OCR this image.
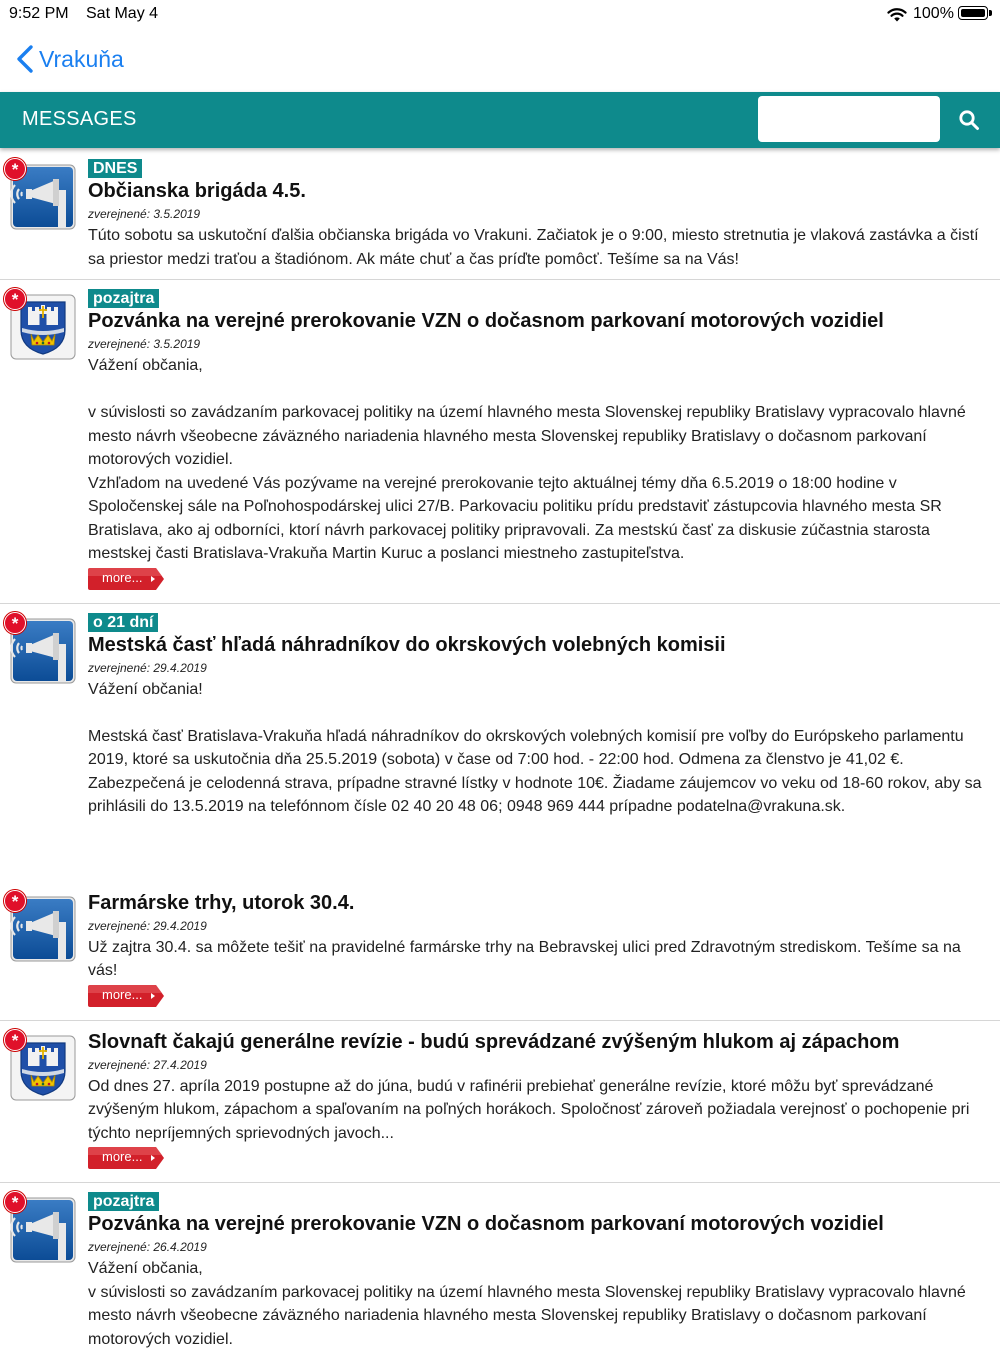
9:52 PM Sat May 4	100%
Vrakuňa
MESSAGES
*	DNES
Občianska brigáda 4.5.
zverejnené: 3.5.2019
Túto sobotu sa uskutoční ďalšia občianska brigáda vo Vrakuni. Začiatok je o 9:00, miesto stretnutia je vlaková zastávka a čistí sa priestor medzi traťou a štadiónom. Ak máte chuť a čas príďte pomôcť. Tešíme sa na Vás!
*	pozajtra
Pozvánka na verejné prerokovanie VZN o dočasnom parkovaní motorových vozidiel
zverejnené: 3.5.2019
Vážení občania,

v súvislosti so zavádzaním parkovacej politiky na území hlavného mesta Slovenskej republiky Bratislavy vypracovalo hlavné mesto návrh všeobecne záväzného nariadenia hlavného mesta Slovenskej republiky Bratislavy o dočasnom parkovaní motorových vozidiel.
Vzhľadom na uvedené Vás pozývame na verejné prerokovanie tejto aktuálnej témy dňa 6.5.2019 o 18:00 hodine v Spoločenskej sále na Poľnohospodárskej ulici 27/B. Parkovaciu politiku prídu predstaviť zástupcovia hlavného mesta SR Bratislava, ako aj odborníci, ktorí návrh parkovacej politiky pripravovali. Za mestskú časť za diskusie zúčastnia starosta mestskej časti Bratislava-Vrakuňa Martin Kuruc a poslanci miestneho zastupiteľstva.
more...
*	o 21 dní
Mestská časť hľadá náhradníkov do okrskových volebných komisii
zverejnené: 29.4.2019
Vážení občania!

Mestská časť Bratislava-Vrakuňa hľadá náhradníkov do okrskových volebných komisií pre voľby do Európskeho parlamentu 2019, ktoré sa uskutočnia dňa 25.5.2019 (sobota) v čase od 7:00 hod. - 22:00 hod. Odmena za členstvo je 41,02 €. Zabezpečená je celodenná strava, prípadne stravné lístky v hodnote 10€. Žiadame záujemcov vo veku od 18-60 rokov, aby sa prihlásili do 13.5.2019 na telefónnom čísle 02 40 20 48 06; 0948 969 444 prípadne podatelna@vrakuna.sk.
*	Farmárske trhy, utorok 30.4.
zverejnené: 29.4.2019
Už zajtra 30.4. sa môžete tešiť na pravidelné farmárske trhy na Bebravskej ulici pred Zdravotným strediskom. Tešíme sa na vás!
more...
*	Slovnaft čakajú generálne revízie - budú sprevádzané zvýšeným hlukom aj zápachom
zverejnené: 27.4.2019
Od dnes 27. apríla 2019 postupne až do júna, budú v rafinérii prebiehať generálne revízie, ktoré môžu byť sprevádzané zvýšeným hlukom, zápachom a spaľovaním na poľných horákoch. Spoločnosť zároveň požiadala verejnosť o pochopenie pri týchto nepríjemných sprievodných javoch...
more...
*	pozajtra
Pozvánka na verejné prerokovanie VZN o dočasnom parkovaní motorových vozidiel
zverejnené: 26.4.2019
Vážení občania,
v súvislosti so zavádzaním parkovacej politiky na území hlavného mesta Slovenskej republiky Bratislavy vypracovalo hlavné mesto návrh všeobecne záväzného nariadenia hlavného mesta Slovenskej republiky Bratislavy o dočasnom parkovaní motorových vozidiel.
